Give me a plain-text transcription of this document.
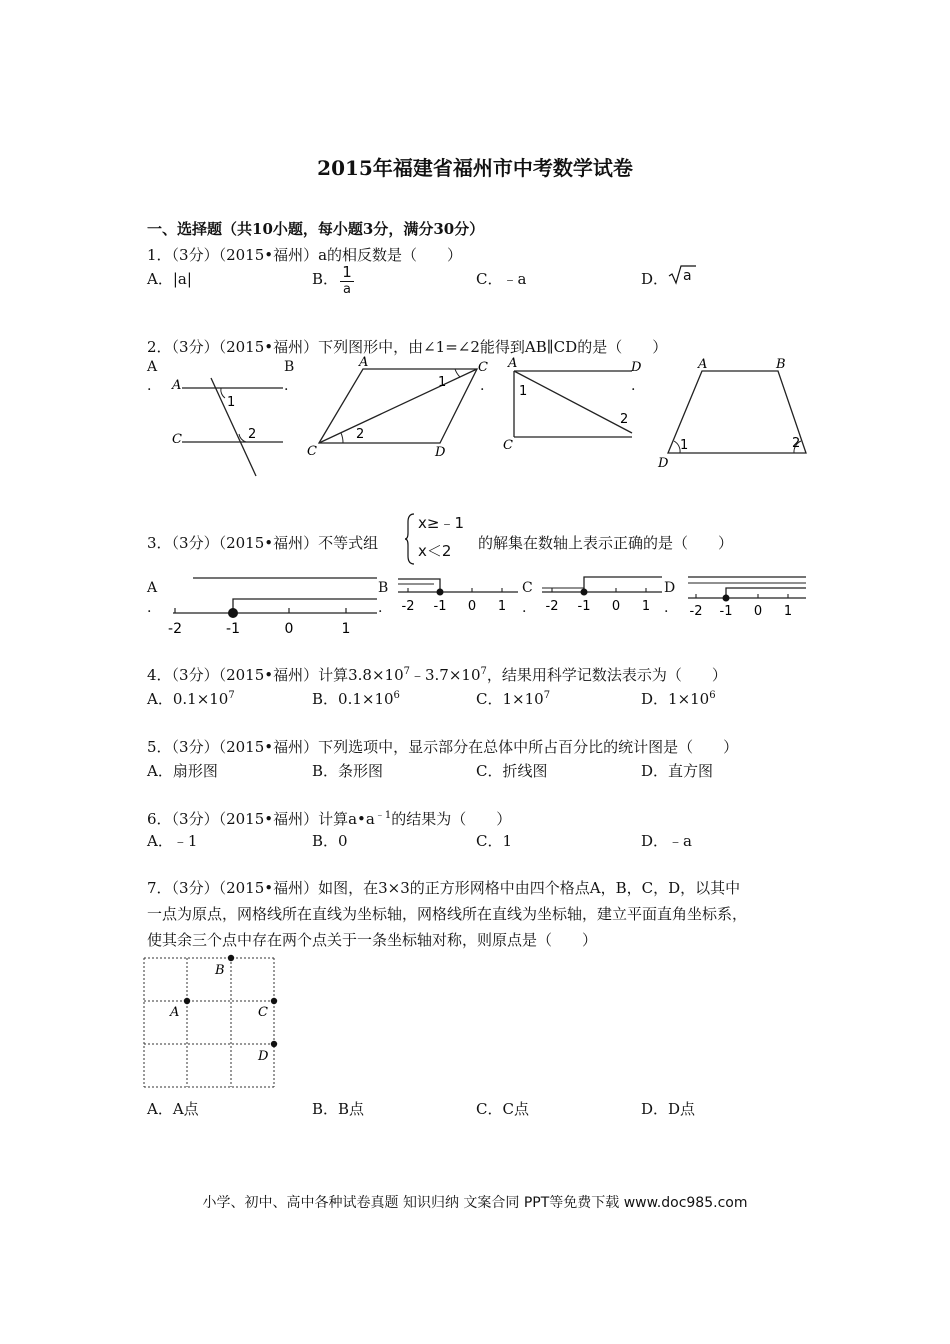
2015年福建省福州市中考数学试卷
一、选择题（共10小题，每小题3分，满分30分）
1．（3分）（2015•福州）a的相反数是（　　）
A．|a|	B． $\frac{1}{a}$	C．﹣a	D． a
2．（3分）（2015•福州）下列图形中，由∠1=∠2能得到AB∥CD的是（　　）
A
.
B
.	.	.
A
C
1
2
A	C
C	D
1
2
A	D
C
1
2
A	B
D
1	2
3．（3分）（2015•福州）不等式组
x≥﹣1
x＜2 的解集在数轴上表示正确的是（　　）
A
.
B
.
C
.
D
.
-2	-1	0	1
-2 -1 0 1	-2 -1 0 1	-2 -1 0 1
4．（3分）（2015•福州）计算$3.8\times 10^7﹣3.7\times 10^7$，结果用科学记数法表示为（　　）
A．$0.1\times 10^7$	B．$0.1\times 10^6$	C．$1\times 10^7$	D．$1\times 10^6$
5．（3分）（2015•福州）下列选项中，显示部分在总体中所占百分比的统计图是（　　）
A．扇形图	B．条形图	C．折线图	D．直方图
6．（3分）（2015•福州）计算$a•a^{﹣1}$的结果为（　　）
A．﹣1	B．0	C．1	D．﹣a
7．（3分）（2015•福州）如图，在3×3的正方形网格中由四个格点A，B，C，D，以其中
一点为原点，网格线所在直线为坐标轴，网格线所在直线为坐标轴，建立平面直角坐标系，
使其余三个点中存在两个点关于一条坐标轴对称，则原点是（　　）
B
A	C
D
A．A点	B．B点	C．C点	D．D点
小学、初中、高中各种试卷真题 知识归纳 文案合同 PPT等免费下载 www.doc985.com
